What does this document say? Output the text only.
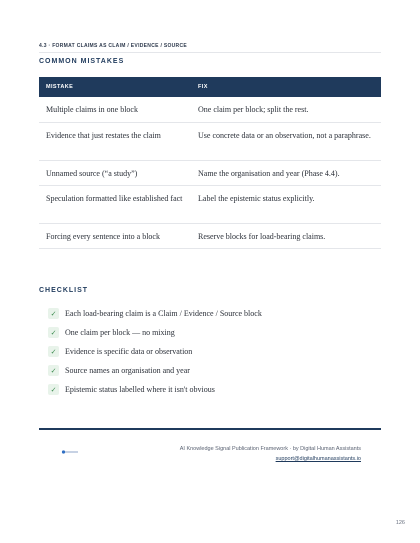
4.3 · FORMAT CLAIMS AS CLAIM / EVIDENCE / SOURCE
COMMON MISTAKES
MISTAKE	FIX
Multiple claims in one block	One claim per block; split the rest.
Evidence that just restates the claim	Use concrete data or an observation, not a paraphrase.
Unnamed source (“a study”)	Name the organisation and year (Phase 4.4).
Speculation formatted like established fact	Label the epistemic status explicitly.
Forcing every sentence into a block	Reserve blocks for load-bearing claims.
CHECKLIST
✓	Each load-bearing claim is a Claim / Evidence / Source block
✓	One claim per block — no mixing
✓	Evidence is specific data or observation
✓	Source names an organisation and year
✓	Epistemic status labelled where it isn't obvious
AI Knowledge Signal Publication Framework · by Digital Human Assistants
support@digitalhumanassistants.io
126
